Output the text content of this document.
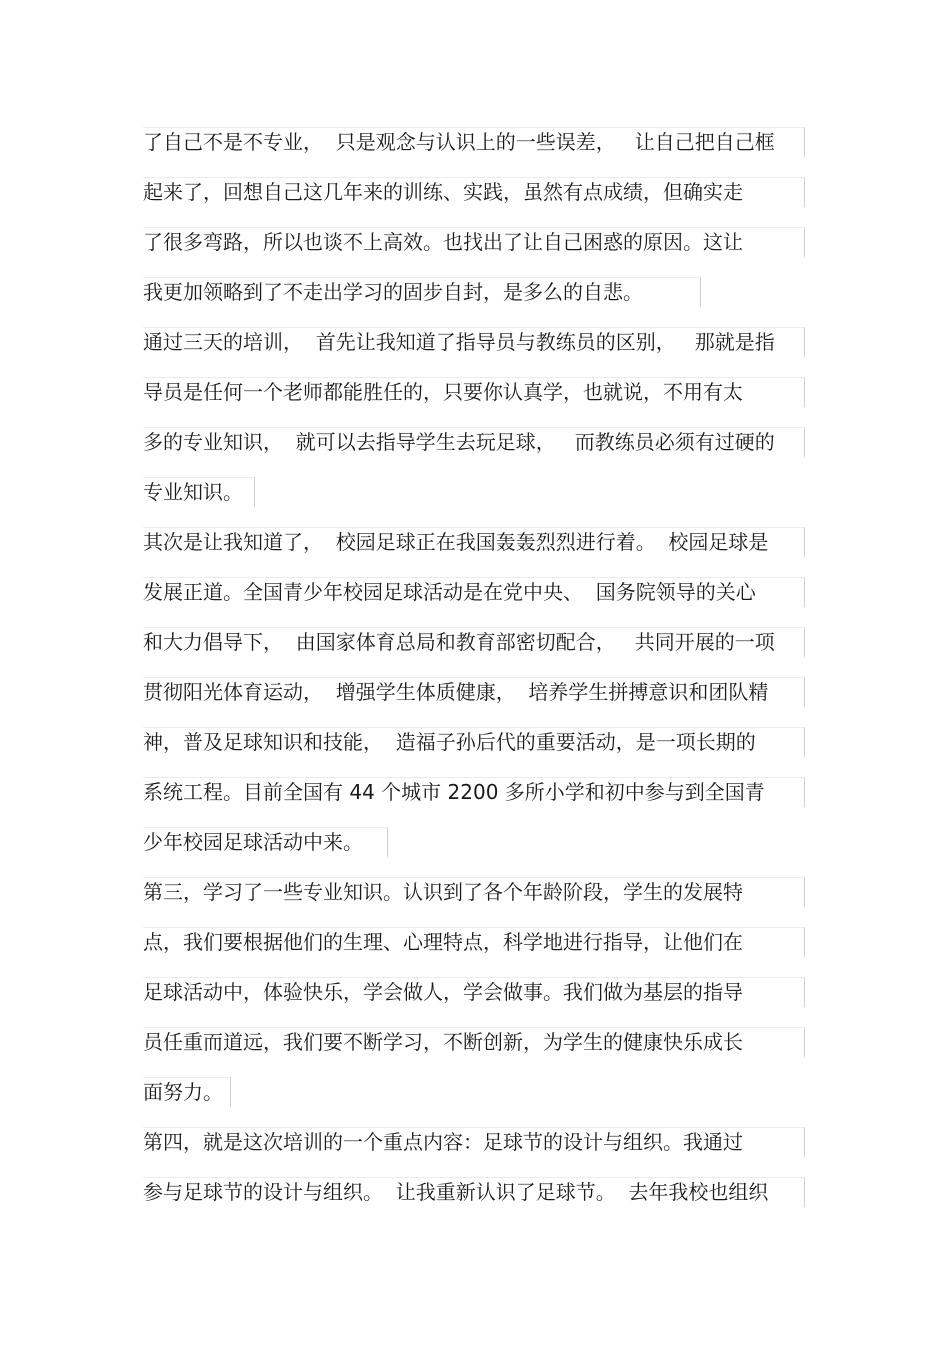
了自己不是不专业，  只是观念与认识上的一些误差，   让自己把自己框
起来了，回想自己这几年来的训练、实践，虽然有点成绩，但确实走
了很多弯路，所以也谈不上高效。也找出了让自己困惑的原因。这让
我更加领略到了不走出学习的固步自封，是多么的自悲。
通过三天的培训，  首先让我知道了指导员与教练员的区别，   那就是指
导员是任何一个老师都能胜任的，只要你认真学，也就说，不用有太
多的专业知识，  就可以去指导学生去玩足球，   而教练员必须有过硬的
专业知识。
其次是让我知道了，  校园足球正在我国轰轰烈烈进行着。  校园足球是
发展正道。全国青少年校园足球活动是在党中央、  国务院领导的关心
和大力倡导下，  由国家体育总局和教育部密切配合，   共同开展的一项
贯彻阳光体育运动，  增强学生体质健康，  培养学生拼搏意识和团队精
神，普及足球知识和技能，  造福子孙后代的重要活动，是一项长期的
系统工程。目前全国有 44 个城市 2200 多所小学和初中参与到全国青
少年校园足球活动中来。
第三，学习了一些专业知识。认识到了各个年龄阶段，学生的发展特
点，我们要根据他们的生理、心理特点，科学地进行指导，让他们在
足球活动中，体验快乐，学会做人，学会做事。我们做为基层的指导
员任重而道远，我们要不断学习，不断创新，为学生的健康快乐成长
面努力。
第四，就是这次培训的一个重点内容：足球节的设计与组织。我通过
参与足球节的设计与组织。  让我重新认识了足球节。  去年我校也组织
